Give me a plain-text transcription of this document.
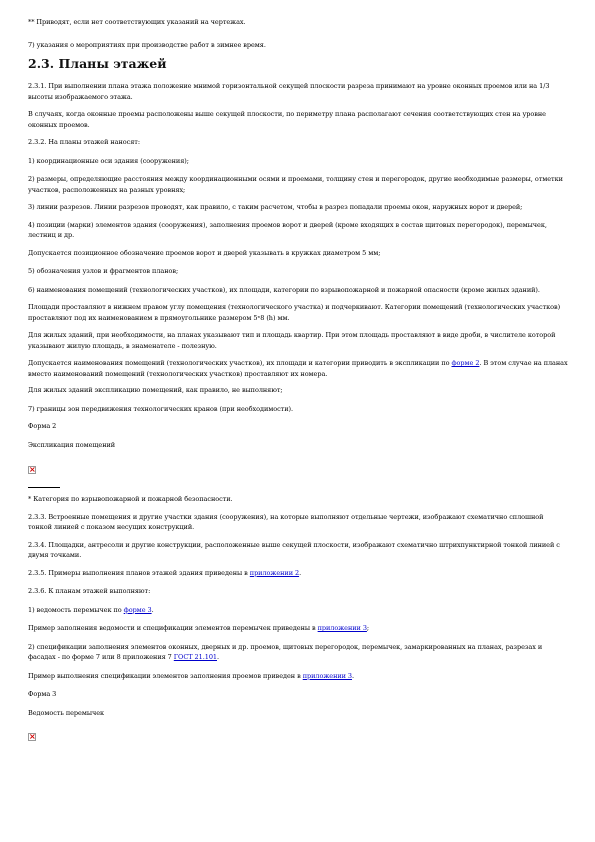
** Приводят, если нет соответствующих указаний на чертежах.

7) указания о мероприятиях при производстве работ в зимнее время.

2.3. Планы этажей

2.3.1. При выполнении плана этажа положение мнимой горизонтальной секущей плоскости разреза принимают на уровне оконных проемов или на 1/3 высоты изображаемого этажа.

В случаях, когда оконные проемы расположены выше секущей плоскости, по периметру плана располагают сечения соответствующих стен на уровне оконных проемов.

2.3.2. На планы этажей наносят:

1) координационные оси здания (сооружения);

2) размеры, определяющие расстояния между координационными осями и проемами, толщину стен и перегородок, другие необходимые размеры, отметки участков, расположенных на разных уровнях;

3) линии разрезов. Линии разрезов проводят, как правило, с таким расчетом, чтобы в разрез попадали проемы окон, наружных ворот и дверей;

4) позиции (марки) элементов здания (сооружения), заполнения проемов ворот и дверей (кроме входящих в состав щитовых перегородок), перемычек, лестниц и др.

Допускается позиционное обозначение проемов ворот и дверей указывать в кружках диаметром 5 мм;

5) обозначения узлов и фрагментов планов;

6) наименования помещений (технологических участков), их площади, категории по взрывопожарной и пожарной опасности (кроме жилых зданий).

Площади проставляют в нижнем правом углу помещения (технологического участка) и подчеркивают. Категории помещений (технологических участков) проставляют под их наименованием в прямоугольнике размером 5ˣ8 (h) мм.

Для жилых зданий, при необходимости, на планах указывают тип и площадь квартир. При этом площадь проставляют в виде дроби, в числителе которой указывают жилую площадь, в знаменателе - полезную.

Допускается наименования помещений (технологических участков), их площади и категории приводить в экспликации по форме 2. В этом случае на планах вместо наименований помещений (технологических участков) проставляют их номера.

Для жилых зданий экспликацию помещений, как правило, не выполняют;

7) границы зон передвижения технологических кранов (при необходимости).

Форма 2

Экспликация помещений

×

* Категория по взрывопожарной и пожарной безопасности.

2.3.3. Встроенные помещения и другие участки здания (сооружения), на которые выполняют отдельные чертежи, изображают схематично сплошной тонкой линией с показом несущих конструкций.

2.3.4. Площадки, антресоли и другие конструкции, расположенные выше секущей плоскости, изображают схематично штрихпунктирной тонкой линией с двумя точками.

2.3.5. Примеры выполнения планов этажей здания приведены в приложении 2.

2.3.6. К планам этажей выполняют:

1) ведомость перемычек по форме 3.

Пример заполнения ведомости и спецификации элементов перемычек приведены в приложении 3;

2) спецификации заполнения элементов оконных, дверных и др. проемов, щитовых перегородок, перемычек, замаркированных на планах, разрезах и фасадах - по форме 7 или 8 приложения 7 ГОСТ 21.101.

Пример выполнения спецификации элементов заполнения проемов приведен в приложении 3.

Форма 3

Ведомость перемычек

×
